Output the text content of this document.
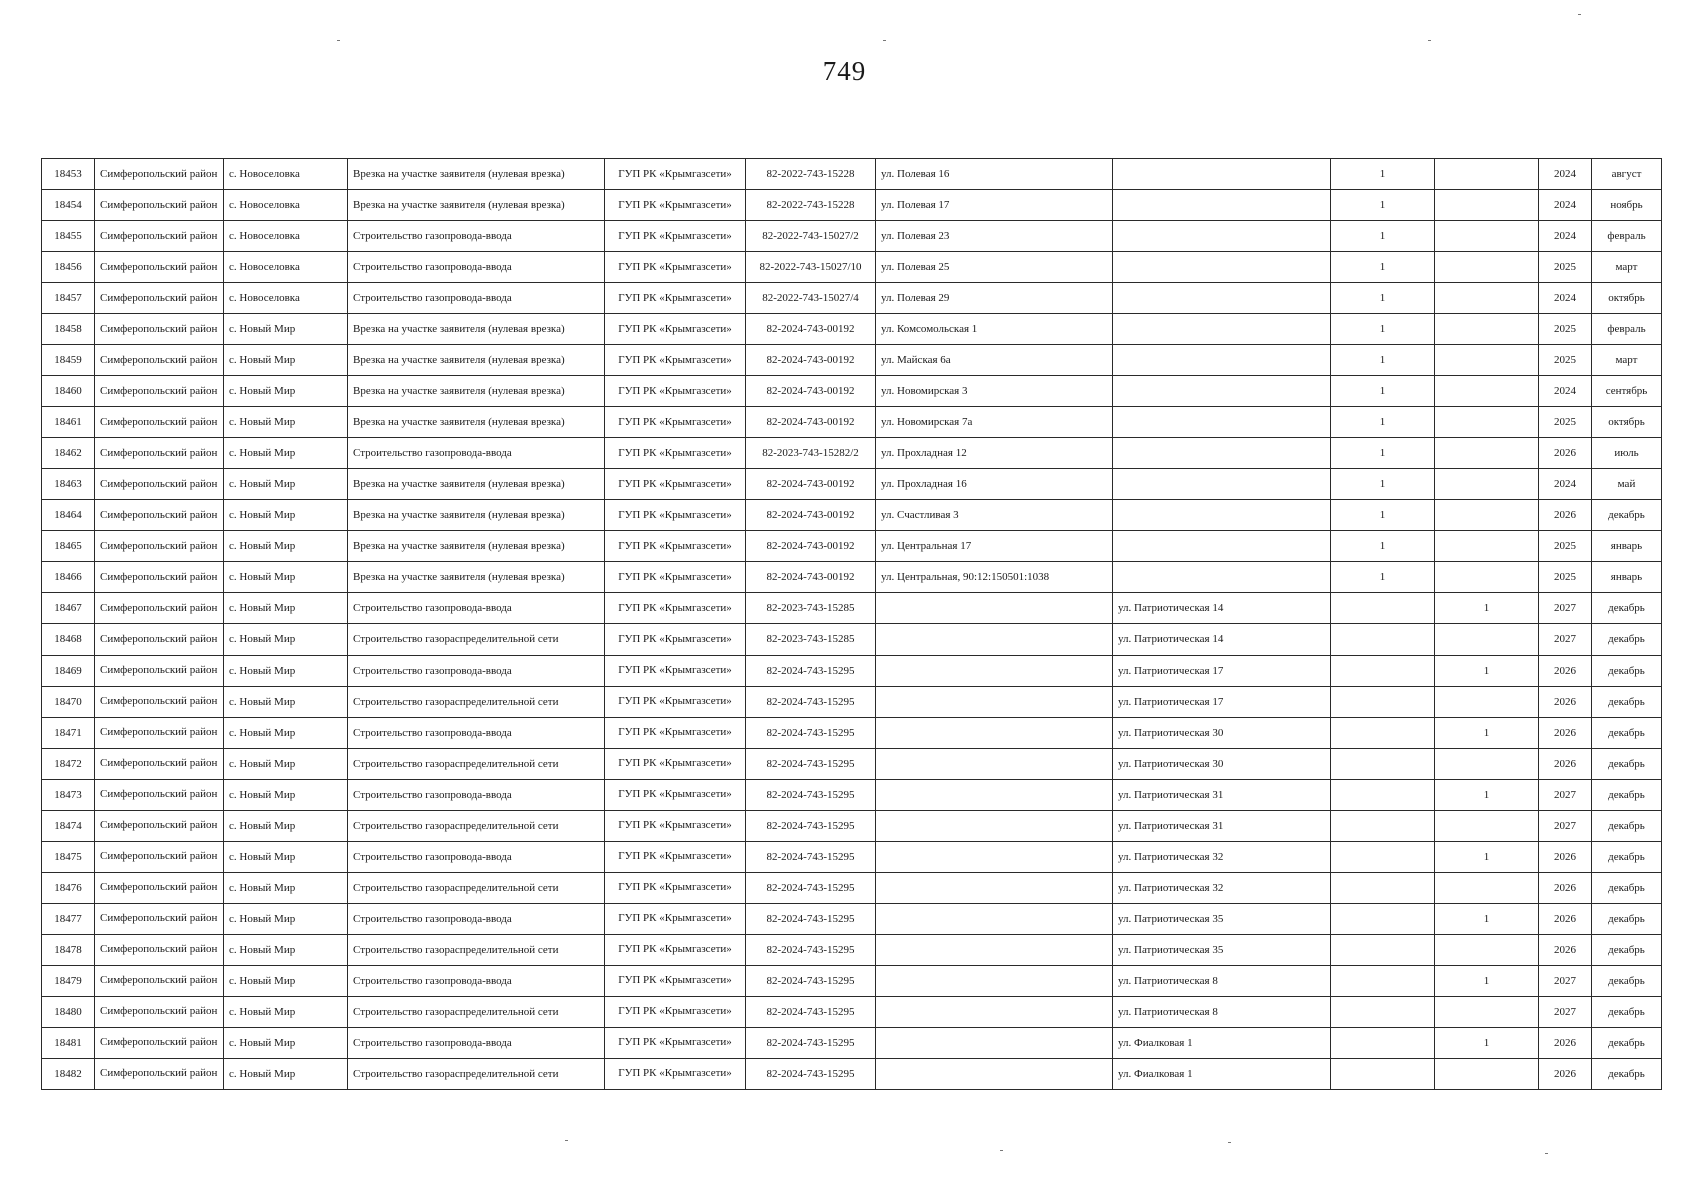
749
18453	Симферопольский район	с. Новоселовка	Врезка на участке заявителя (нулевая врезка)	ГУП РК «Крымгазсети»	82-2022-743-15228	ул. Полевая 16		1		2024	август
18454	Симферопольский район	с. Новоселовка	Врезка на участке заявителя (нулевая врезка)	ГУП РК «Крымгазсети»	82-2022-743-15228	ул. Полевая 17		1		2024	ноябрь
18455	Симферопольский район	с. Новоселовка	Строительство газопровода-ввода	ГУП РК «Крымгазсети»	82-2022-743-15027/2	ул. Полевая 23		1		2024	февраль
18456	Симферопольский район	с. Новоселовка	Строительство газопровода-ввода	ГУП РК «Крымгазсети»	82-2022-743-15027/10	ул. Полевая 25		1		2025	март
18457	Симферопольский район	с. Новоселовка	Строительство газопровода-ввода	ГУП РК «Крымгазсети»	82-2022-743-15027/4	ул. Полевая 29		1		2024	октябрь
18458	Симферопольский район	с. Новый Мир	Врезка на участке заявителя (нулевая врезка)	ГУП РК «Крымгазсети»	82-2024-743-00192	ул. Комсомольская 1		1		2025	февраль
18459	Симферопольский район	с. Новый Мир	Врезка на участке заявителя (нулевая врезка)	ГУП РК «Крымгазсети»	82-2024-743-00192	ул. Майская 6а		1		2025	март
18460	Симферопольский район	с. Новый Мир	Врезка на участке заявителя (нулевая врезка)	ГУП РК «Крымгазсети»	82-2024-743-00192	ул. Новомирская 3		1		2024	сентябрь
18461	Симферопольский район	с. Новый Мир	Врезка на участке заявителя (нулевая врезка)	ГУП РК «Крымгазсети»	82-2024-743-00192	ул. Новомирская 7а		1		2025	октябрь
18462	Симферопольский район	с. Новый Мир	Строительство газопровода-ввода	ГУП РК «Крымгазсети»	82-2023-743-15282/2	ул. Прохладная 12		1		2026	июль
18463	Симферопольский район	с. Новый Мир	Врезка на участке заявителя (нулевая врезка)	ГУП РК «Крымгазсети»	82-2024-743-00192	ул. Прохладная 16		1		2024	май
18464	Симферопольский район	с. Новый Мир	Врезка на участке заявителя (нулевая врезка)	ГУП РК «Крымгазсети»	82-2024-743-00192	ул. Счастливая 3		1		2026	декабрь
18465	Симферопольский район	с. Новый Мир	Врезка на участке заявителя (нулевая врезка)	ГУП РК «Крымгазсети»	82-2024-743-00192	ул. Центральная 17		1		2025	январь
18466	Симферопольский район	с. Новый Мир	Врезка на участке заявителя (нулевая врезка)	ГУП РК «Крымгазсети»	82-2024-743-00192	ул. Центральная, 90:12:150501:1038		1		2025	январь
18467	Симферопольский район	с. Новый Мир	Строительство газопровода-ввода	ГУП РК «Крымгазсети»	82-2023-743-15285		ул. Патриотическая 14		1	2027	декабрь
18468	Симферопольский район	с. Новый Мир	Строительство газораспределительной сети	ГУП РК «Крымгазсети»	82-2023-743-15285		ул. Патриотическая 14			2027	декабрь
18469	Симферопольский район	с. Новый Мир	Строительство газопровода-ввода	ГУП РК «Крымгазсети»	82-2024-743-15295		ул. Патриотическая 17		1	2026	декабрь
18470	Симферопольский район	с. Новый Мир	Строительство газораспределительной сети	ГУП РК «Крымгазсети»	82-2024-743-15295		ул. Патриотическая 17			2026	декабрь
18471	Симферопольский район	с. Новый Мир	Строительство газопровода-ввода	ГУП РК «Крымгазсети»	82-2024-743-15295		ул. Патриотическая 30		1	2026	декабрь
18472	Симферопольский район	с. Новый Мир	Строительство газораспределительной сети	ГУП РК «Крымгазсети»	82-2024-743-15295		ул. Патриотическая 30			2026	декабрь
18473	Симферопольский район	с. Новый Мир	Строительство газопровода-ввода	ГУП РК «Крымгазсети»	82-2024-743-15295		ул. Патриотическая 31		1	2027	декабрь
18474	Симферопольский район	с. Новый Мир	Строительство газораспределительной сети	ГУП РК «Крымгазсети»	82-2024-743-15295		ул. Патриотическая 31			2027	декабрь
18475	Симферопольский район	с. Новый Мир	Строительство газопровода-ввода	ГУП РК «Крымгазсети»	82-2024-743-15295		ул. Патриотическая 32		1	2026	декабрь
18476	Симферопольский район	с. Новый Мир	Строительство газораспределительной сети	ГУП РК «Крымгазсети»	82-2024-743-15295		ул. Патриотическая 32			2026	декабрь
18477	Симферопольский район	с. Новый Мир	Строительство газопровода-ввода	ГУП РК «Крымгазсети»	82-2024-743-15295		ул. Патриотическая 35		1	2026	декабрь
18478	Симферопольский район	с. Новый Мир	Строительство газораспределительной сети	ГУП РК «Крымгазсети»	82-2024-743-15295		ул. Патриотическая 35			2026	декабрь
18479	Симферопольский район	с. Новый Мир	Строительство газопровода-ввода	ГУП РК «Крымгазсети»	82-2024-743-15295		ул. Патриотическая 8		1	2027	декабрь
18480	Симферопольский район	с. Новый Мир	Строительство газораспределительной сети	ГУП РК «Крымгазсети»	82-2024-743-15295		ул. Патриотическая 8			2027	декабрь
18481	Симферопольский район	с. Новый Мир	Строительство газопровода-ввода	ГУП РК «Крымгазсети»	82-2024-743-15295		ул. Фиалковая 1		1	2026	декабрь
18482	Симферопольский район	с. Новый Мир	Строительство газораспределительной сети	ГУП РК «Крымгазсети»	82-2024-743-15295		ул. Фиалковая 1			2026	декабрь
